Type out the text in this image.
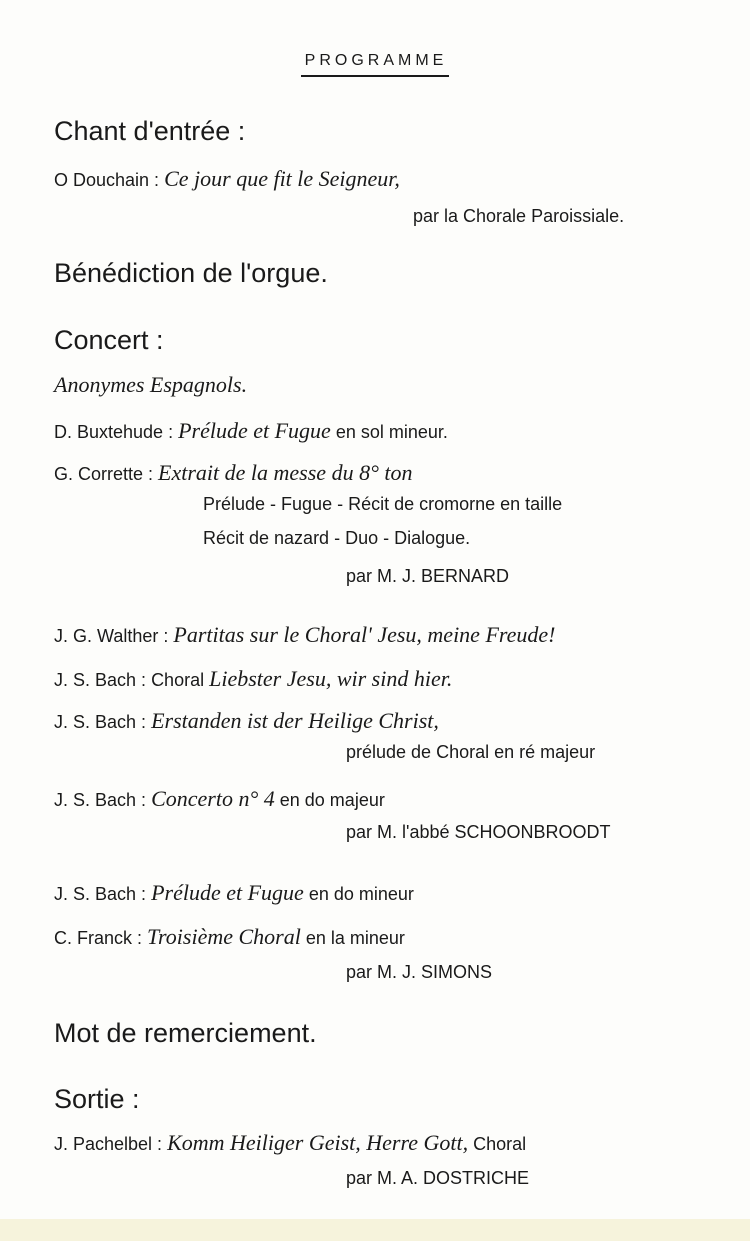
PROGRAMME
Chant d'entrée :
O Douchain : Ce jour que fit le Seigneur,
par la Chorale Paroissiale.
Bénédiction de l'orgue.
Concert :
Anonymes Espagnols.
D. Buxtehude : Prélude et Fugue en sol mineur.
G. Corrette : Extrait de la messe du 8° ton
Prélude - Fugue - Récit de cromorne en taille
Récit de nazard - Duo - Dialogue.
par M. J. BERNARD
J. G. Walther : Partitas sur le Choral' Jesu, meine Freude!
J. S. Bach : Choral Liebster Jesu, wir sind hier.
J. S. Bach : Erstanden ist der Heilige Christ,
prélude de Choral en ré majeur
J. S. Bach : Concerto n° 4 en do majeur
par M. l'abbé SCHOONBROODT
J. S. Bach : Prélude et Fugue en do mineur
C. Franck : Troisième Choral en la mineur
par M. J. SIMONS
Mot de remerciement.
Sortie :
J. Pachelbel : Komm Heiliger Geist, Herre Gott, Choral
par M. A. DOSTRICHE
